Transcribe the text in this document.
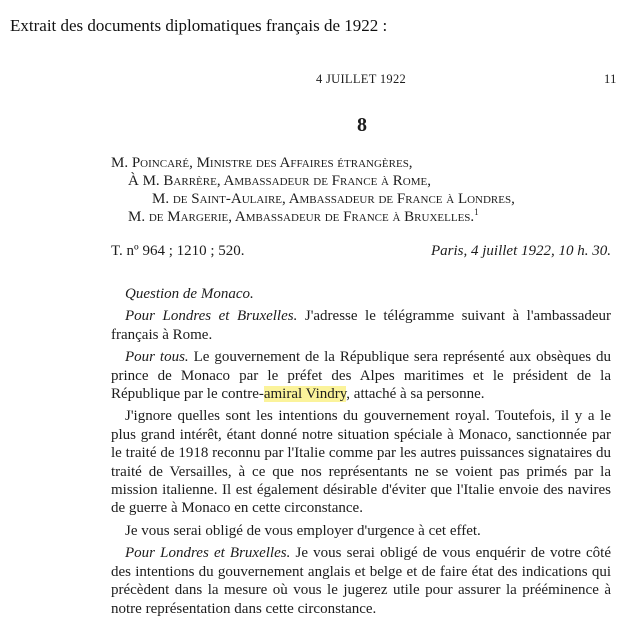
Extrait des documents diplomatiques français de 1922 :
4 JUILLET 1922	11
8
M. Poincaré, Ministre des Affaires étrangères,
À M. Barrère, Ambassadeur de France à Rome,
M. de Saint-Aulaire, Ambassadeur de France à Londres,
M. de Margerie, Ambassadeur de France à Bruxelles.$^1$
T. nº 964 ; 1210 ; 520.	Paris, 4 juillet 1922, 10 h. 30.

Question de Monaco.

Pour Londres et Bruxelles. J'adresse le télégramme suivant à l'ambassadeur français à Rome.

Pour tous. Le gouvernement de la République sera représenté aux obsèques du prince de Monaco par le préfet des Alpes maritimes et le président de la République par le contre-amiral Vindry, attaché à sa personne.

J'ignore quelles sont les intentions du gouvernement royal. Toutefois, il y a le plus grand intérêt, étant donné notre situation spéciale à Monaco, sanctionnée par le traité de 1918 reconnu par l'Italie comme par les autres puissances signataires du traité de Versailles, à ce que nos représentants ne se voient pas primés par la mission italienne. Il est également désirable d'éviter que l'Italie envoie des navires de guerre à Monaco en cette circonstance.

Je vous serai obligé de vous employer d'urgence à cet effet.

Pour Londres et Bruxelles. Je vous serai obligé de vous enquérir de votre côté des intentions du gouvernement anglais et belge et de faire état des indications qui précèdent dans la mesure où vous le jugerez utile pour assurer la prééminence à notre représentation dans cette circonstance.
